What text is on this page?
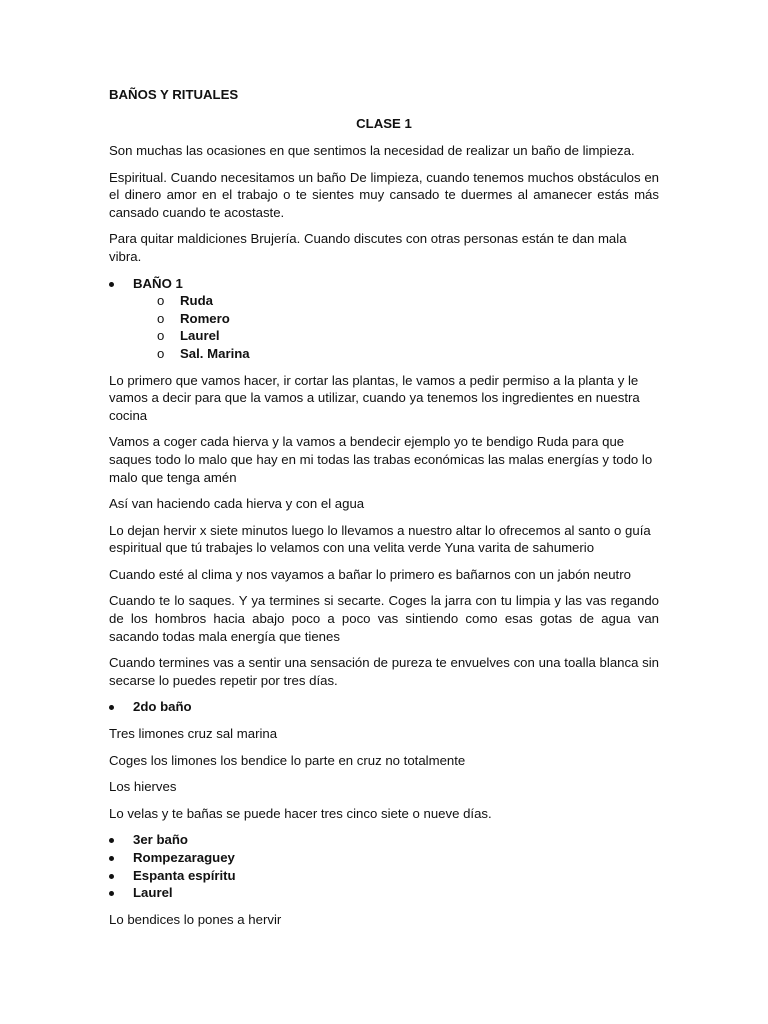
BAÑOS Y RITUALES
CLASE 1

Son muchas las ocasiones en que sentimos la necesidad de realizar un baño de limpieza.

Espiritual. Cuando necesitamos un baño De limpieza, cuando tenemos muchos obstáculos en el dinero amor en el trabajo o te sientes muy cansado te duermes al amanecer estás más cansado cuando te acostaste.

Para quitar maldiciones Brujería. Cuando discutes con otras personas están te dan mala vibra.

BAÑO 1
o Ruda
o Romero
o Laurel
o Sal. Marina

Lo primero que vamos hacer, ir cortar las plantas, le vamos a pedir permiso a la planta y le vamos a decir para que la vamos a utilizar, cuando ya tenemos los ingredientes en nuestra cocina

Vamos a coger cada hierva y la vamos a bendecir ejemplo yo te bendigo Ruda para que saques todo lo malo que hay en mi todas las trabas económicas las malas energías y todo lo malo que tenga amén

Así van haciendo cada hierva y con el agua

Lo dejan hervir x siete minutos luego lo llevamos a nuestro altar lo ofrecemos al santo o guía espiritual que tú trabajes lo velamos con una velita verde Yuna varita de sahumerio

Cuando esté al clima y nos vayamos a bañar lo primero es bañarnos con un jabón neutro

Cuando te lo saques. Y ya termines si secarte. Coges la jarra con tu limpia y las vas regando de los hombros hacia abajo poco a poco vas sintiendo como esas gotas de agua van sacando todas mala energía que tienes

Cuando termines vas a sentir una sensación de pureza te envuelves con una toalla blanca sin secarse lo puedes repetir por tres días.

2do baño

Tres limones cruz sal marina

Coges los limones los bendice lo parte en cruz no totalmente

Los hierves

Lo velas y te bañas se puede hacer tres cinco siete o nueve días.

3er baño
Rompezaraguey
Espanta espíritu
Laurel

Lo bendices lo pones a hervir
